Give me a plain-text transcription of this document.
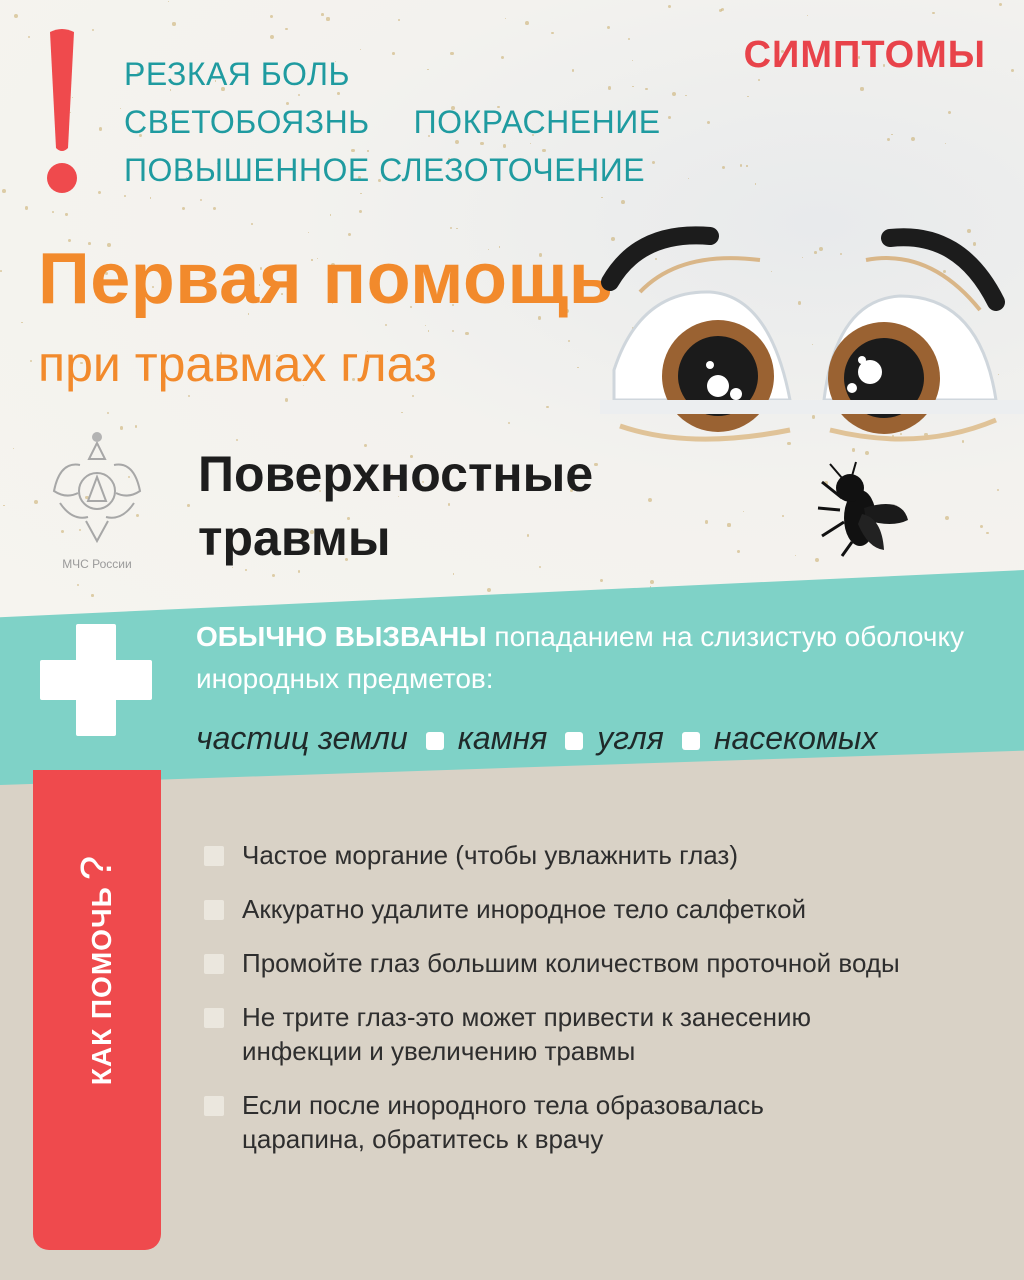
РЕЗКАЯ БОЛЬ
СВЕТОБОЯЗНЬ ПОКРАСНЕНИЕ
ПОВЫШЕННОЕ СЛЕЗОТОЧЕНИЕ
СИМПТОМЫ
Первая помощь
при травмах глаз
МЧС России
Поверхностные
травмы
ОБЫЧНО ВЫЗВАНЫ попаданием на слизистую оболочку инородных предметов:
частиц земли камня угля насекомых
КАК ПОМОЧЬ?	Частое моргание (чтобы увлажнить глаз)
Аккуратно удалите инородное тело салфеткой
Промойте глаз большим количеством проточной воды
Не трите глаз-это может привести к занесению инфекции и увеличению травмы
Если после инородного тела образовалась царапина, обратитесь к врачу
